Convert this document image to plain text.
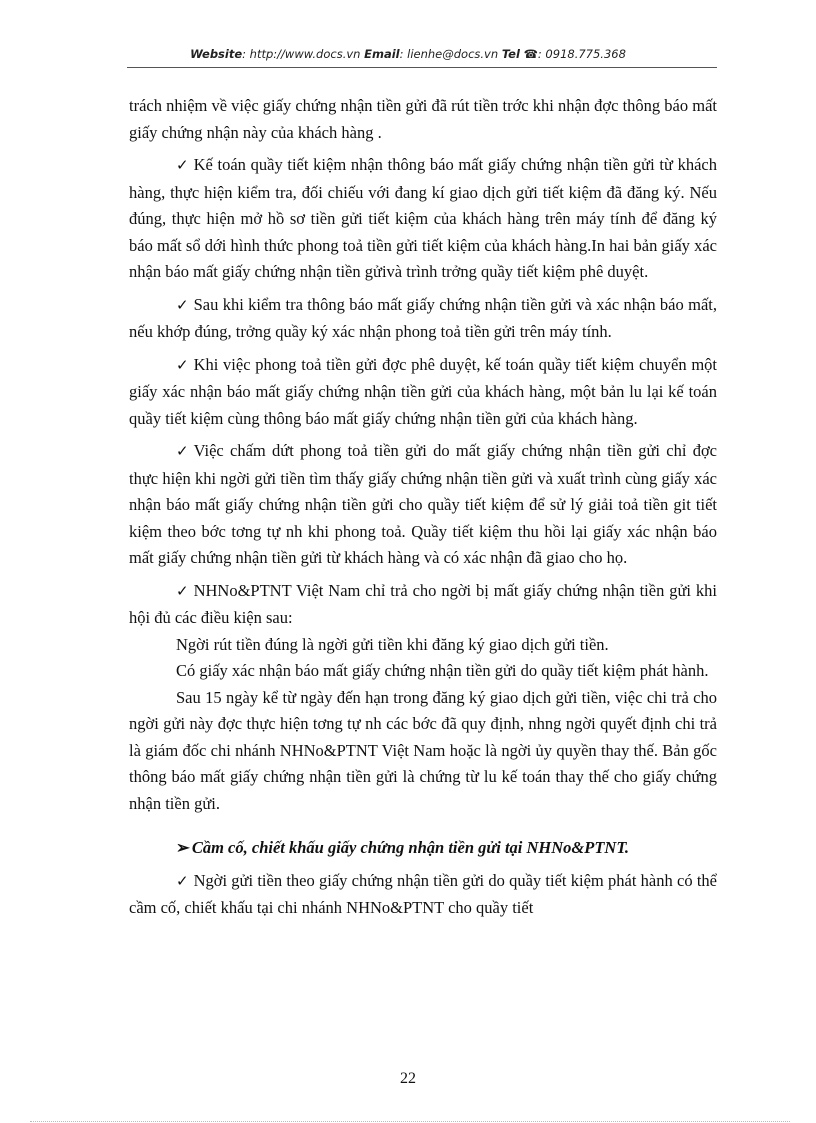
Website: http://www.docs.vn Email: lienhe@docs.vn Tel ☎: 0918.775.368

trách nhiệm về việc giấy chứng nhận tiền gửi đã rút tiền trớc khi nhận đợc thông báo mất giấy chứng nhận này của khách hàng .

✓ Kế toán quầy tiết kiệm nhận thông báo mất giấy chứng nhận tiền gửi từ khách hàng, thực hiện kiểm tra, đối chiếu với đang kí giao dịch gửi tiết kiệm đã đăng ký. Nếu đúng, thực hiện mở hồ sơ tiền gửi tiết kiệm của khách hàng trên máy tính để đăng ký báo mất sổ dới hình thức phong toả tiền gửi tiết kiệm của khách hàng.In hai bản giấy xác nhận báo mất giấy chứng nhận tiền gửivà trình trởng quầy tiết kiệm phê duyệt.

✓ Sau khi kiểm tra thông báo mất giấy chứng nhận tiền gửi và xác nhận báo mất, nếu khớp đúng, trởng quầy ký xác nhận phong toả tiền gửi trên máy tính.

✓ Khi việc phong toả tiền gửi đợc phê duyệt, kế toán quầy tiết kiệm chuyển một giấy xác nhận báo mất giấy chứng nhận tiền gửi của khách hàng, một bản lu lại kế toán quầy tiết kiệm cùng thông báo mất giấy chứng nhận tiền gửi của khách hàng.

✓ Việc chấm dứt phong toả tiền gửi do mất giấy chứng nhận tiền gửi chỉ đợc thực hiện khi ngời gửi tiền tìm thấy giấy chứng nhận tiền gửi và xuất trình cùng giấy xác nhận báo mất giấy chứng nhận tiền gửi cho quầy tiết kiệm để sử lý giải toả tiền git tiết kiệm theo bớc tơng tự nh khi phong toả. Quầy tiết kiệm thu hồi lại giấy xác nhận báo mất giấy chứng nhận tiền gửi từ khách hàng và có xác nhận đã giao cho họ.

✓ NHNo&PTNT Việt Nam chỉ trả cho ngời bị mất giấy chứng nhận tiền gửi khi hội đủ các điều kiện sau:

Ngời rút tiền đúng là ngời gửi tiền khi đăng ký giao dịch gửi tiền.

Có giấy xác nhận báo mất giấy chứng nhận tiền gửi do quầy tiết kiệm phát hành.

Sau 15 ngày kể từ ngày đến hạn trong đăng ký giao dịch gửi tiền, việc chi trả cho ngời gửi này đợc thực hiện tơng tự nh các bớc đã quy định, nhng ngời quyết định chi trả là giám đốc chi nhánh NHNo&PTNT Việt Nam hoặc là ngời ủy quyền thay thế. Bản gốc thông báo mất giấy chứng nhận tiền gửi là chứng từ lu kế toán thay thế cho giấy chứng nhận tiền gửi.

➢ Cầm cố, chiết khấu giấy chứng nhận tiền gửi tại NHNo&PTNT.

✓ Ngời gửi tiền theo giấy chứng nhận tiền gửi do quầy tiết kiệm phát hành có thể cầm cố, chiết khấu tại chi nhánh NHNo&PTNT cho quầy tiết

22
